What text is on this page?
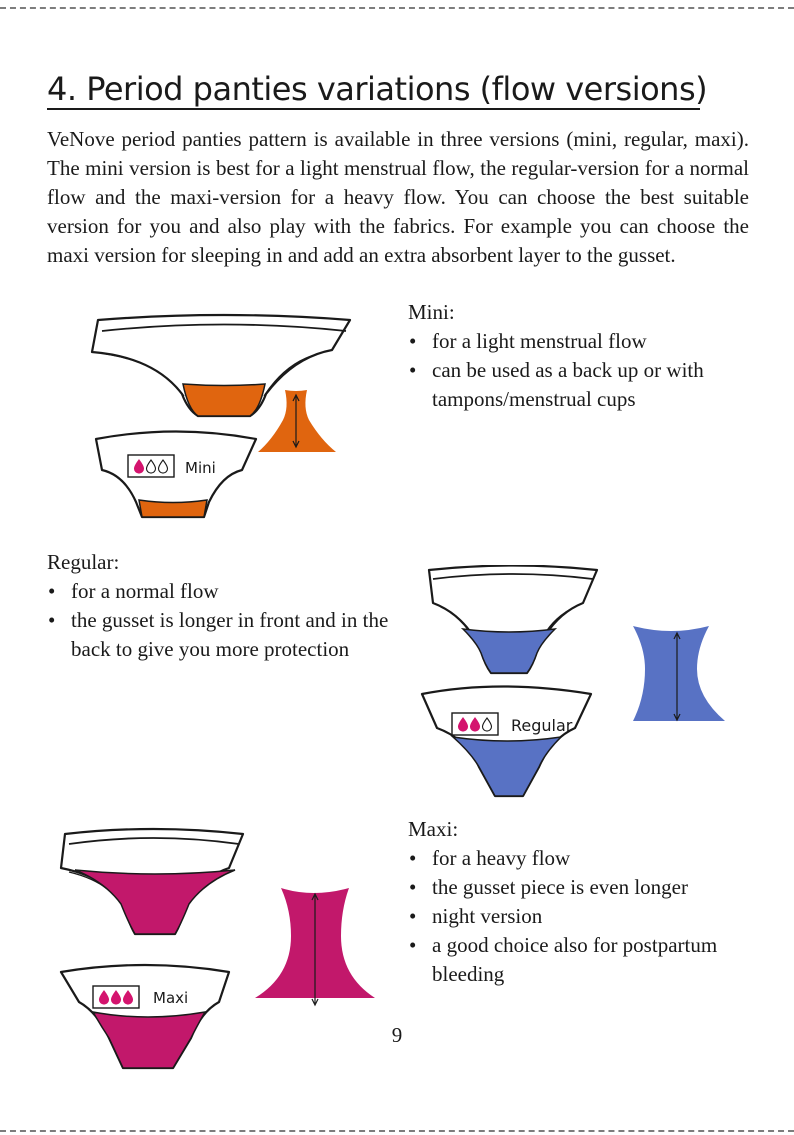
4. Period panties variations (flow versions)

VeNove period panties pattern is available in three versions (mini, regular, maxi). The mini version is best for a light menstrual flow, the regular-version for a normal flow and the maxi-version for a heavy flow. You can choose the best suitable version for you and also play with the fabrics. For example you can choose the maxi version for sleeping in and add an extra absorbent layer to the gusset.

Mini:

• for a light menstrual flow
• can be used as a back up or with tampons/menstrual cups

Regular:

• for a normal flow
• the gusset is longer in front and in the back to give you more protection

Maxi:

• for a heavy flow
• the gusset piece is even longer
• night version
• a good choice also for postpartum bleeding
Mini
Regular
Maxi
9
